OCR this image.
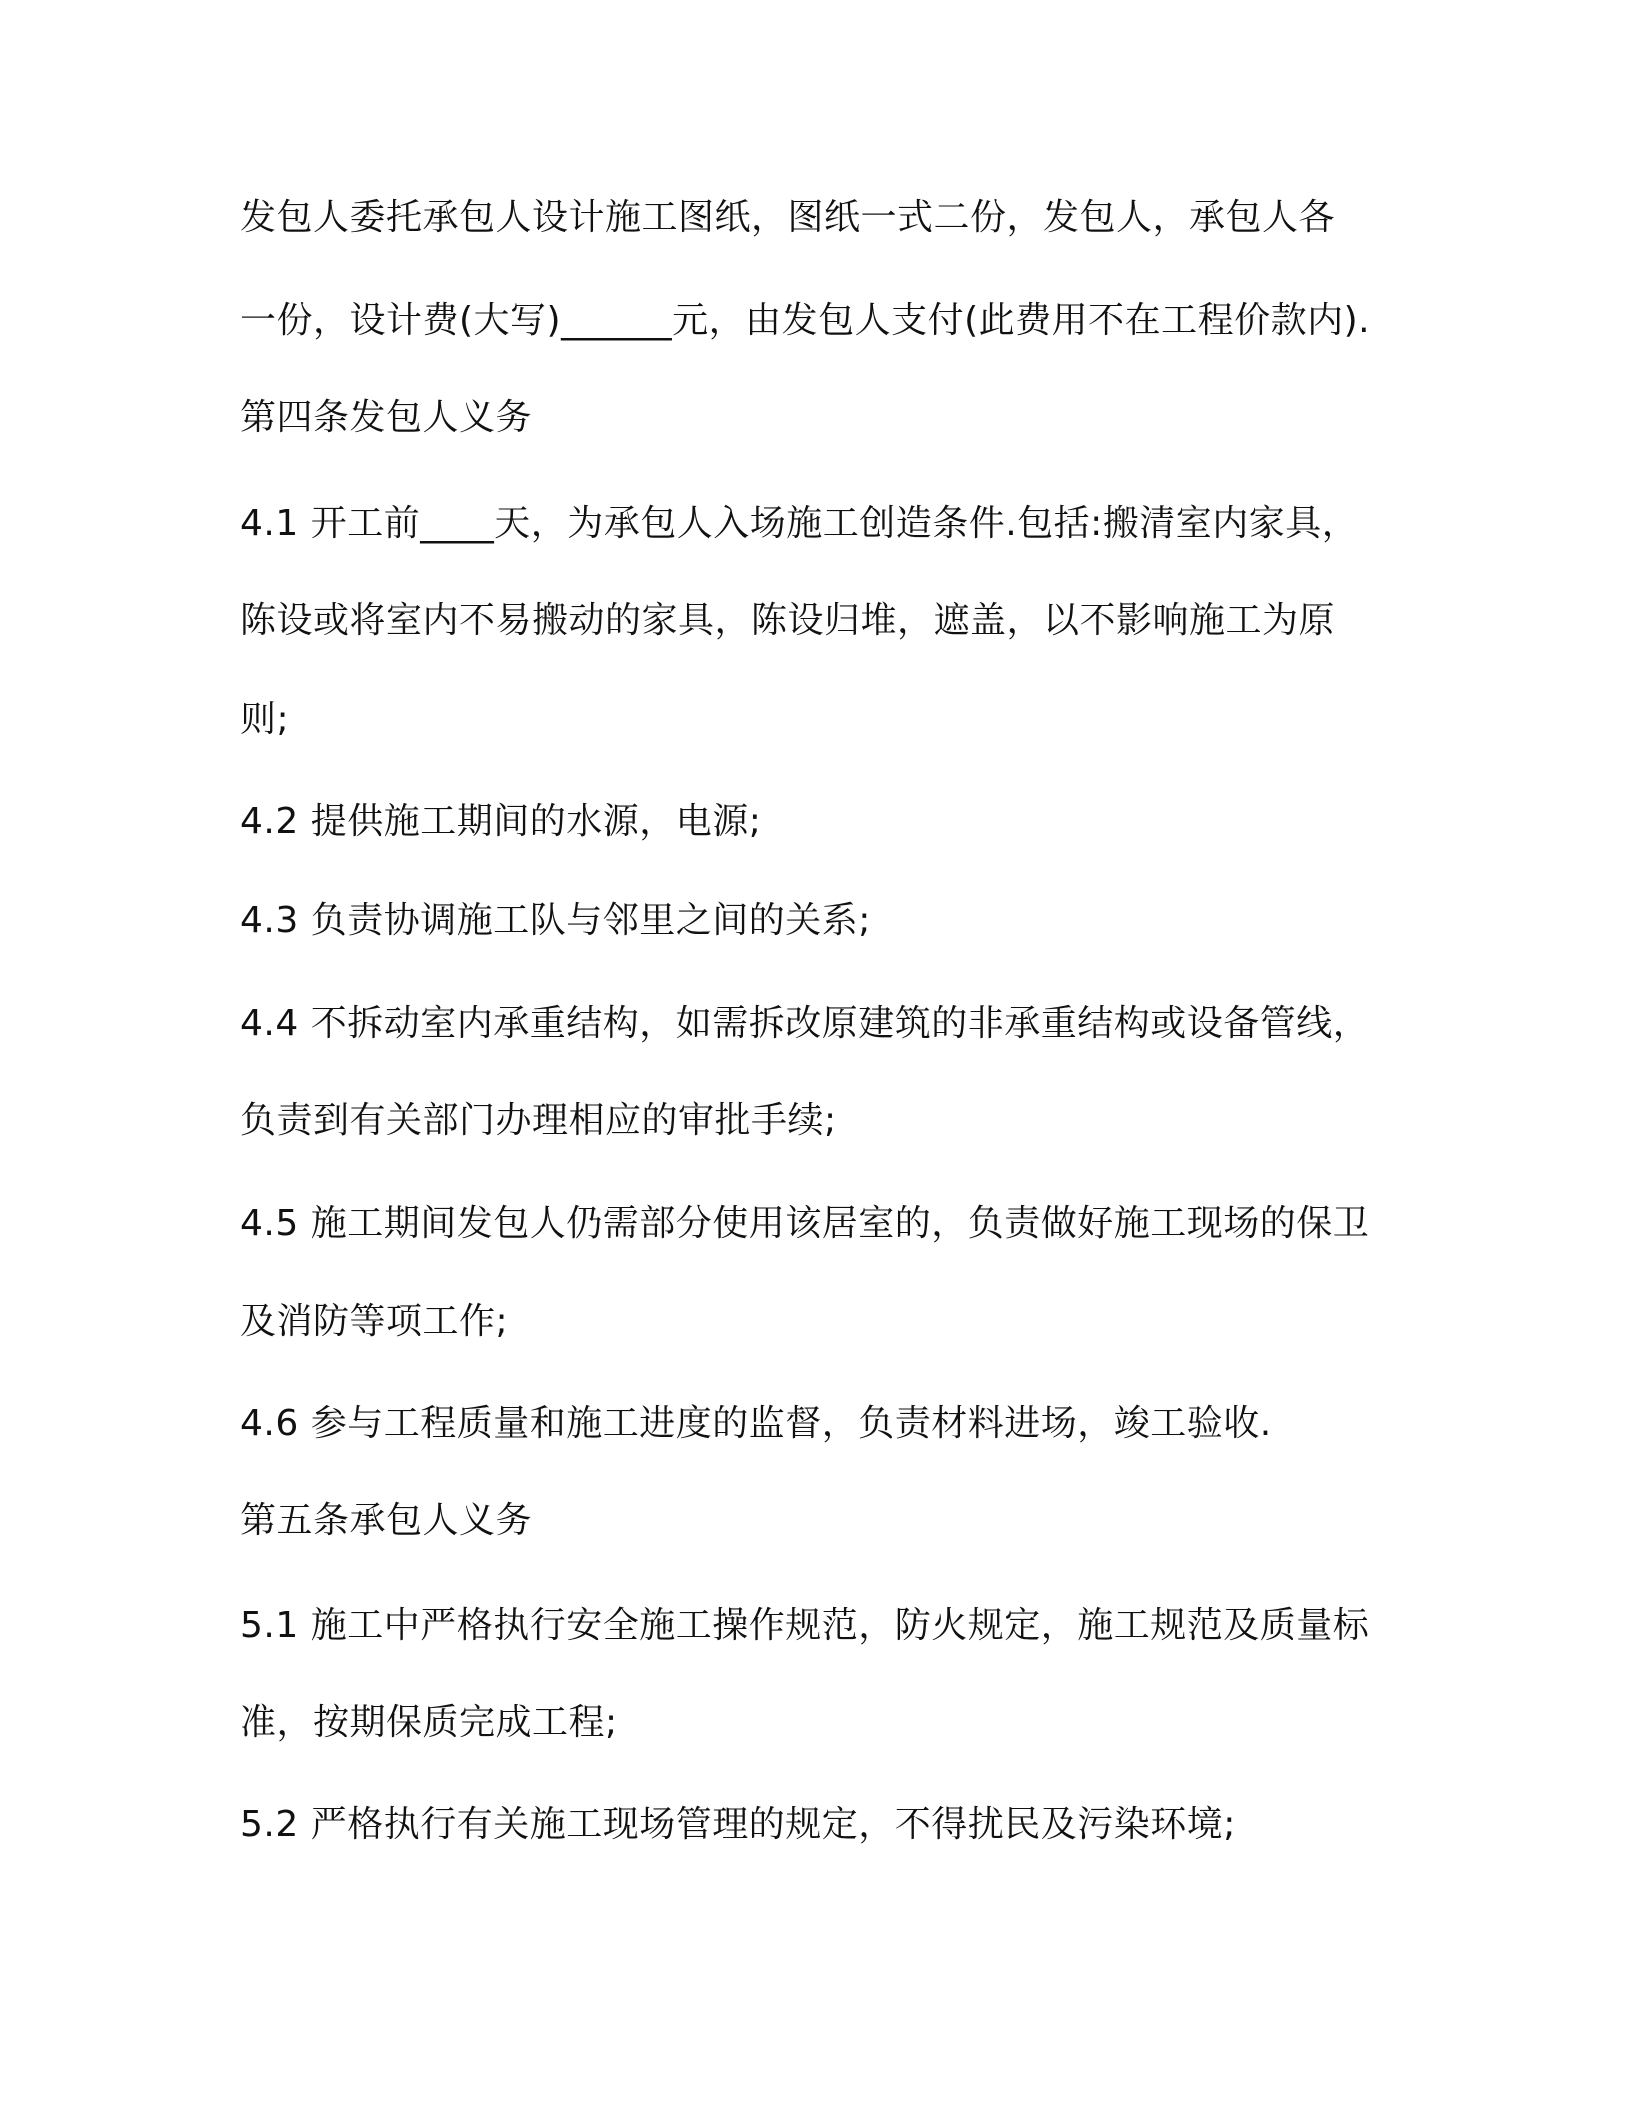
发包人委托承包人设计施工图纸，图纸一式二份，发包人，承包人各
一份，设计费(大写)______元，由发包人支付(此费用不在工程价款内).
第四条发包人义务
4.1 开工前____天，为承包人入场施工创造条件.包括:搬清室内家具，
陈设或将室内不易搬动的家具，陈设归堆，遮盖，以不影响施工为原
则;
4.2 提供施工期间的水源，电源;
4.3 负责协调施工队与邻里之间的关系;
4.4 不拆动室内承重结构，如需拆改原建筑的非承重结构或设备管线，
负责到有关部门办理相应的审批手续;
4.5 施工期间发包人仍需部分使用该居室的，负责做好施工现场的保卫
及消防等项工作;
4.6 参与工程质量和施工进度的监督，负责材料进场，竣工验收.
第五条承包人义务
5.1 施工中严格执行安全施工操作规范，防火规定，施工规范及质量标
准，按期保质完成工程;
5.2 严格执行有关施工现场管理的规定，不得扰民及污染环境;
